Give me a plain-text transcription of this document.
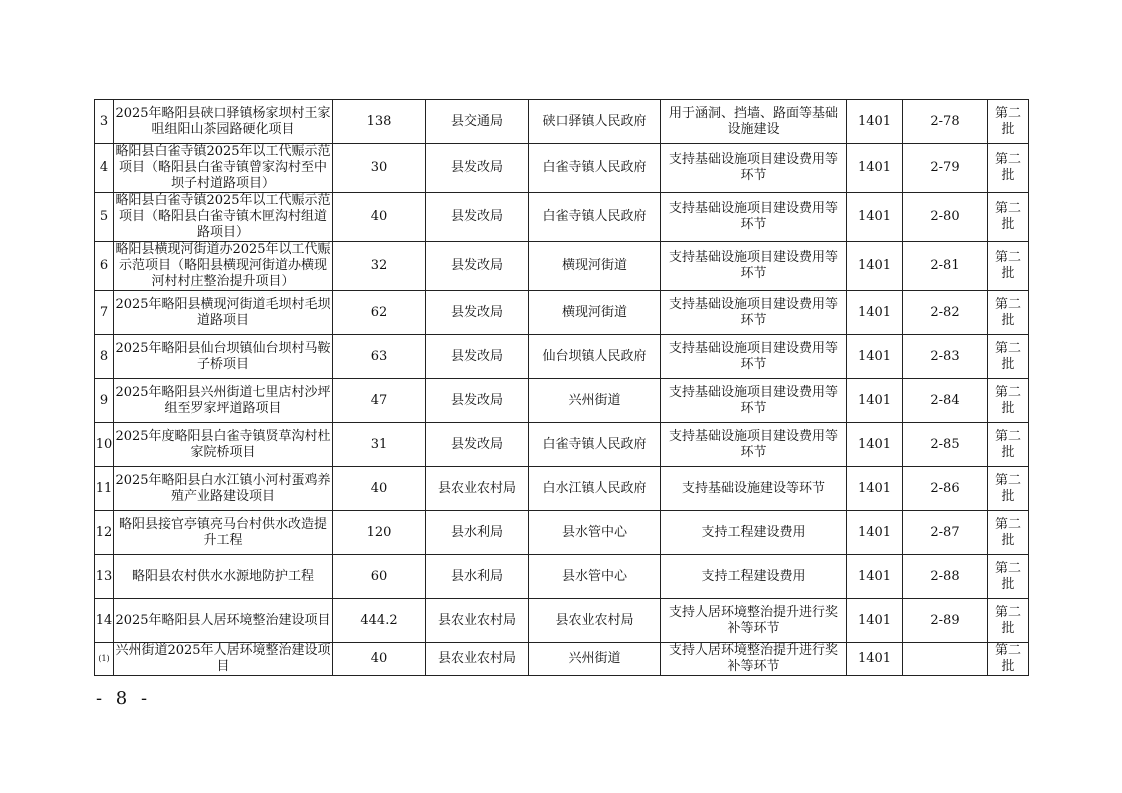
3	2025年略阳县硖口驿镇杨家坝村王家咀组阳山茶园路硬化项目	138	县交通局	硖口驿镇人民政府	用于涵洞、挡墙、路面等基础设施建设	1401	2-78	第二批
4	略阳县白雀寺镇2025年以工代赈示范项目（略阳县白雀寺镇曾家沟村至中坝子村道路项目）	30	县发改局	白雀寺镇人民政府	支持基础设施项目建设费用等环节	1401	2-79	第二批
5	略阳县白雀寺镇2025年以工代赈示范项目（略阳县白雀寺镇木匣沟村组道路项目）	40	县发改局	白雀寺镇人民政府	支持基础设施项目建设费用等环节	1401	2-80	第二批
6	略阳县横现河街道办2025年以工代赈示范项目（略阳县横现河街道办横现河村村庄整治提升项目）	32	县发改局	横现河街道	支持基础设施项目建设费用等环节	1401	2-81	第二批
7	2025年略阳县横现河街道毛坝村毛坝道路项目	62	县发改局	横现河街道	支持基础设施项目建设费用等环节	1401	2-82	第二批
8	2025年略阳县仙台坝镇仙台坝村马鞍子桥项目	63	县发改局	仙台坝镇人民政府	支持基础设施项目建设费用等环节	1401	2-83	第二批
9	2025年略阳县兴州街道七里店村沙坪组至罗家坪道路项目	47	县发改局	兴州街道	支持基础设施项目建设费用等环节	1401	2-84	第二批
10	2025年度略阳县白雀寺镇贤草沟村杜家院桥项目	31	县发改局	白雀寺镇人民政府	支持基础设施项目建设费用等环节	1401	2-85	第二批
11	2025年略阳县白水江镇小河村蛋鸡养殖产业路建设项目	40	县农业农村局	白水江镇人民政府	支持基础设施建设等环节	1401	2-86	第二批
12	略阳县接官亭镇亮马台村供水改造提升工程	120	县水利局	县水管中心	支持工程建设费用	1401	2-87	第二批
13	略阳县农村供水水源地防护工程	60	县水利局	县水管中心	支持工程建设费用	1401	2-88	第二批
14	2025年略阳县人居环境整治建设项目	444.2	县农业农村局	县农业农村局	支持人居环境整治提升进行奖补等环节	1401	2-89	第二批
(1)	兴州街道2025年人居环境整治建设项目	40	县农业农村局	兴州街道	支持人居环境整治提升进行奖补等环节	1401		第二批
- 8 -
